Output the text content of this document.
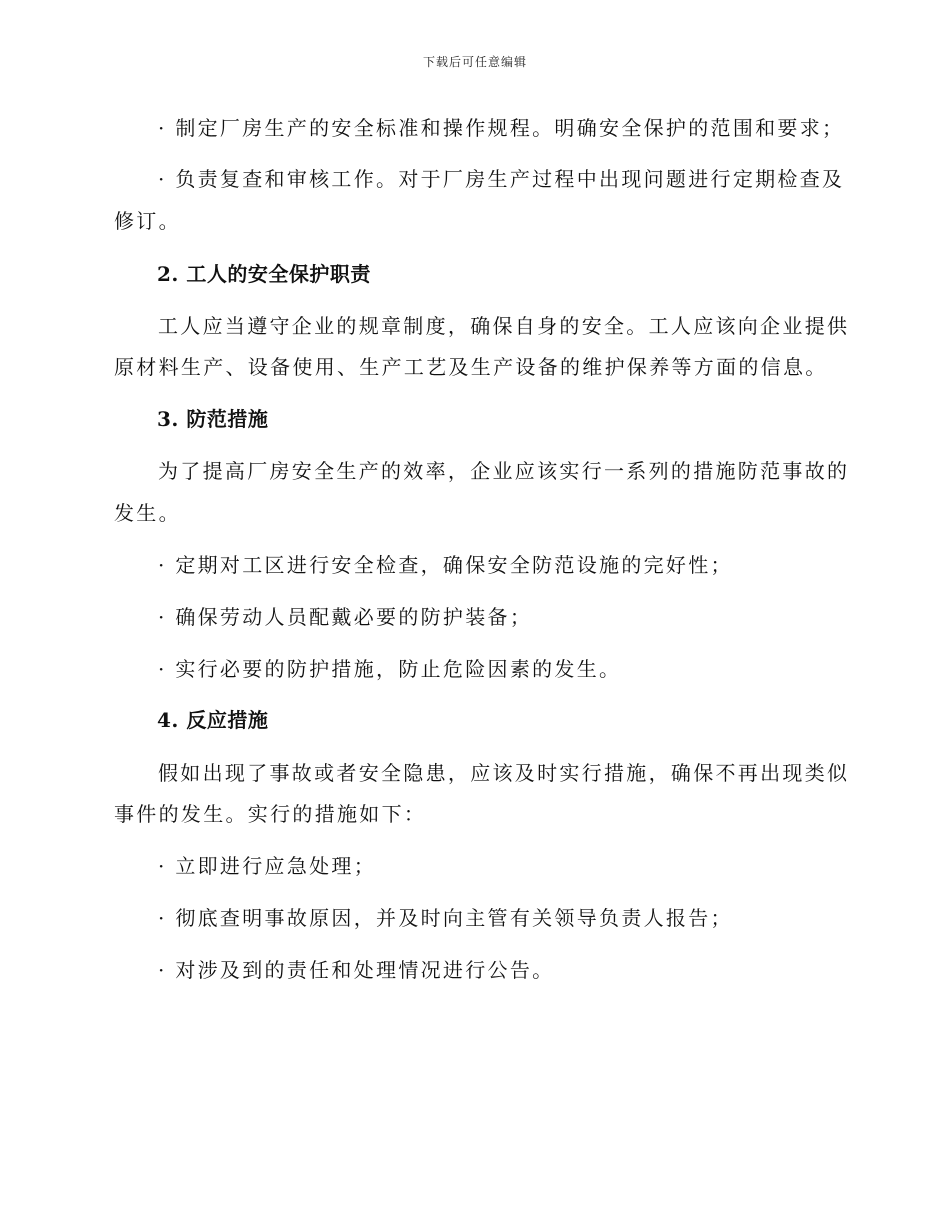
下载后可任意编辑
· 制定厂房生产的安全标准和操作规程。明确安全保护的范围和要求；
· 负责复查和审核工作。对于厂房生产过程中出现问题进行定期检查及
修订。
2. 工人的安全保护职责
工人应当遵守企业的规章制度，确保自身的安全。工人应该向企业提供
原材料生产、设备使用、生产工艺及生产设备的维护保养等方面的信息。
3. 防范措施
为了提高厂房安全生产的效率，企业应该实行一系列的措施防范事故的
发生。
· 定期对工区进行安全检查，确保安全防范设施的完好性；
· 确保劳动人员配戴必要的防护装备；
· 实行必要的防护措施，防止危险因素的发生。
4. 反应措施
假如出现了事故或者安全隐患，应该及时实行措施，确保不再出现类似
事件的发生。实行的措施如下：
· 立即进行应急处理；
· 彻底查明事故原因，并及时向主管有关领导负责人报告；
· 对涉及到的责任和处理情况进行公告。
